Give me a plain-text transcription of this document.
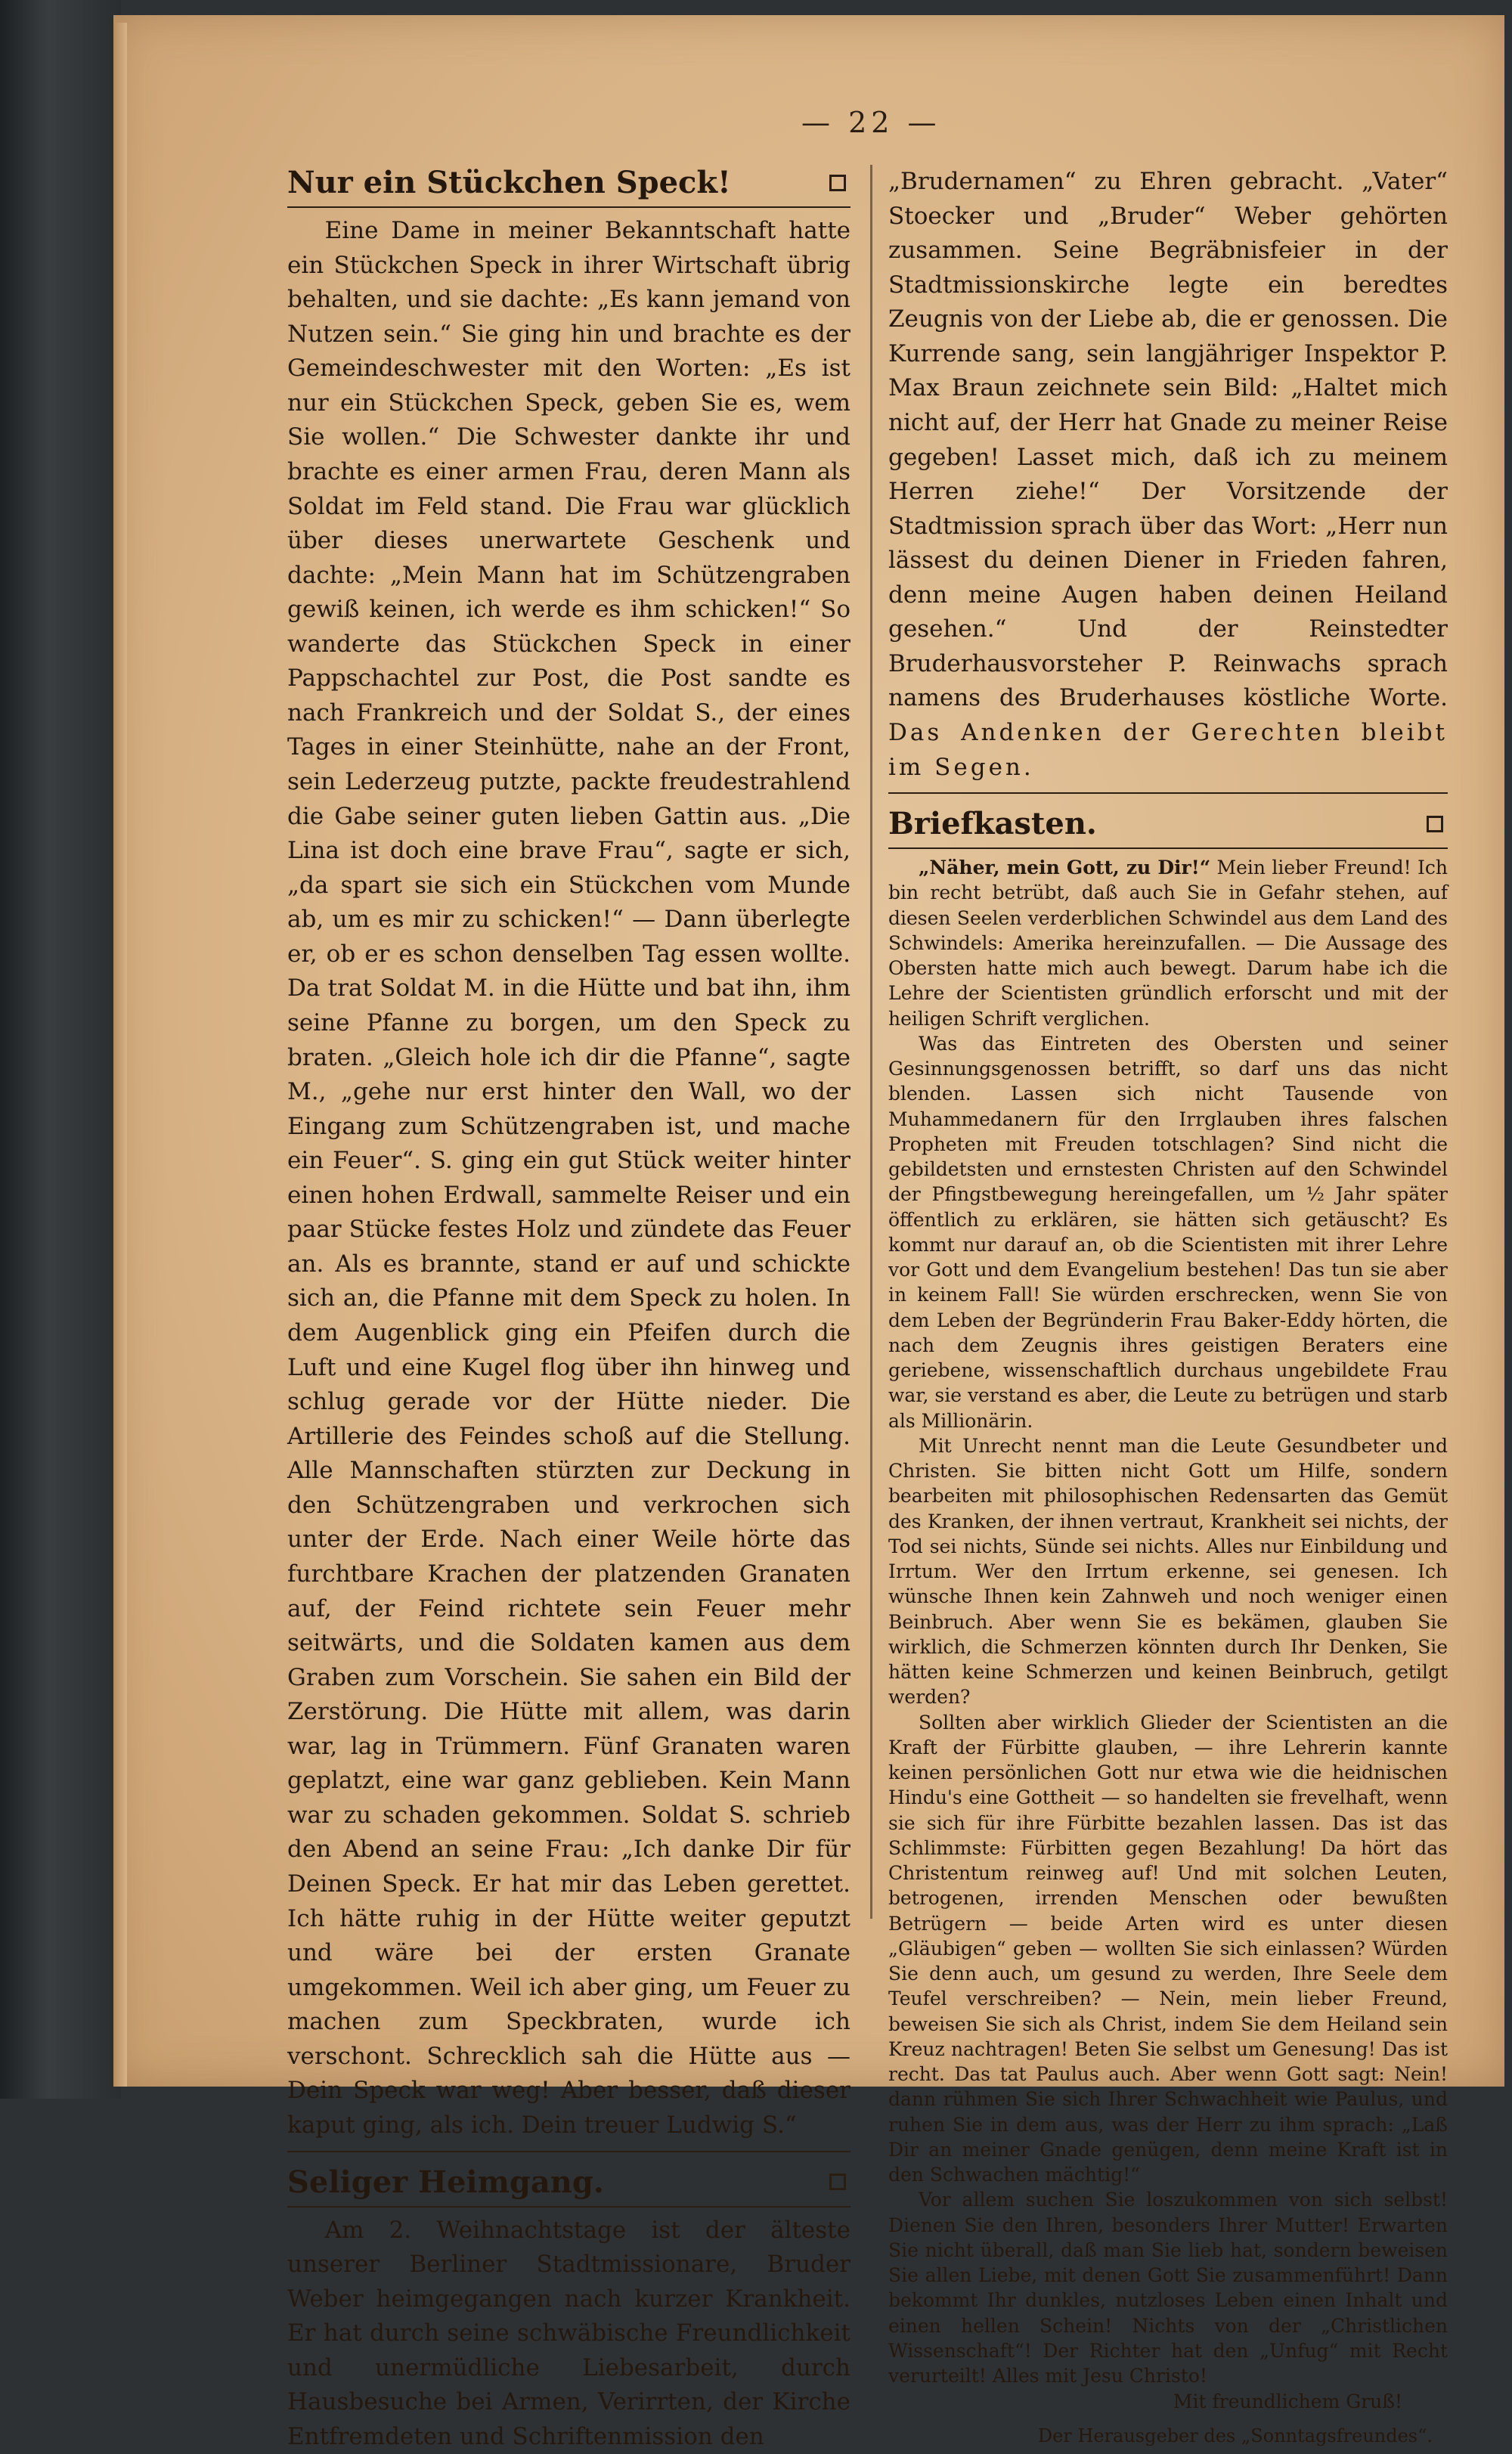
— 22 —
Nur ein Stückchen Speck!

Eine Dame in meiner Bekanntschaft hatte ein Stückchen Speck in ihrer Wirtschaft übrig behalten, und sie dachte: „Es kann jemand von Nutzen sein.“ Sie ging hin und brachte es der Gemeindeschwester mit den Worten: „Es ist nur ein Stückchen Speck, geben Sie es, wem Sie wollen.“ Die Schwester dankte ihr und brachte es einer armen Frau, deren Mann als Soldat im Feld stand. Die Frau war glücklich über dieses unerwartete Geschenk und dachte: „Mein Mann hat im Schützengraben gewiß keinen, ich werde es ihm schicken!“ So wanderte das Stückchen Speck in einer Pappschachtel zur Post, die Post sandte es nach Frankreich und der Soldat S., der eines Tages in einer Steinhütte, nahe an der Front, sein Lederzeug putzte, packte freudestrahlend die Gabe seiner guten lieben Gattin aus. „Die Lina ist doch eine brave Frau“, sagte er sich, „da spart sie sich ein Stückchen vom Munde ab, um es mir zu schicken!“ — Dann überlegte er, ob er es schon denselben Tag essen wollte. Da trat Soldat M. in die Hütte und bat ihn, ihm seine Pfanne zu borgen, um den Speck zu braten. „Gleich hole ich dir die Pfanne“, sagte M., „gehe nur erst hinter den Wall, wo der Eingang zum Schützengraben ist, und mache ein Feuer“. S. ging ein gut Stück weiter hinter einen hohen Erdwall, sammelte Reiser und ein paar Stücke festes Holz und zündete das Feuer an. Als es brannte, stand er auf und schickte sich an, die Pfanne mit dem Speck zu holen. In dem Augenblick ging ein Pfeifen durch die Luft und eine Kugel flog über ihn hinweg und schlug gerade vor der Hütte nieder. Die Artillerie des Feindes schoß auf die Stellung. Alle Mannschaften stürzten zur Deckung in den Schützengraben und verkrochen sich unter der Erde. Nach einer Weile hörte das furchtbare Krachen der platzenden Granaten auf, der Feind richtete sein Feuer mehr seitwärts, und die Soldaten kamen aus dem Graben zum Vorschein. Sie sahen ein Bild der Zerstörung. Die Hütte mit allem, was darin war, lag in Trümmern. Fünf Granaten waren geplatzt, eine war ganz geblieben. Kein Mann war zu schaden gekommen. Soldat S. schrieb den Abend an seine Frau: „Ich danke Dir für Deinen Speck. Er hat mir das Leben gerettet. Ich hätte ruhig in der Hütte weiter geputzt und wäre bei der ersten Granate umgekommen. Weil ich aber ging, um Feuer zu machen zum Speckbraten, wurde ich verschont. Schrecklich sah die Hütte aus — Dein Speck war weg! Aber besser, daß dieser kaput ging, als ich. Dein treuer Ludwig S.“

Seliger Heimgang.

Am 2. Weihnachtstage ist der älteste unserer Berliner Stadtmissionare, Bruder Weber heimgegangen nach kurzer Krankheit. Er hat durch seine schwäbische Freundlichkeit und unermüdliche Liebesarbeit, durch Hausbesuche bei Armen, Verirrten, der Kirche Entfremdeten und Schriftenmission den

„Brudernamen“ zu Ehren gebracht. „Vater“ Stoecker und „Bruder“ Weber gehörten zusammen. Seine Begräbnisfeier in der Stadtmissionskirche legte ein beredtes Zeugnis von der Liebe ab, die er genossen. Die Kurrende sang, sein langjähriger Inspektor P. Max Braun zeichnete sein Bild: „Haltet mich nicht auf, der Herr hat Gnade zu meiner Reise gegeben! Lasset mich, daß ich zu meinem Herren ziehe!“ Der Vorsitzende der Stadtmission sprach über das Wort: „Herr nun lässest du deinen Diener in Frieden fahren, denn meine Augen haben deinen Heiland gesehen.“ Und der Reinstedter Bruderhausvorsteher P. Reinwachs sprach namens des Bruderhauses köstliche Worte. Das Andenken der Gerechten bleibt im Segen.

Briefkasten.

„Näher, mein Gott, zu Dir!“ Mein lieber Freund! Ich bin recht betrübt, daß auch Sie in Gefahr stehen, auf diesen Seelen verderblichen Schwindel aus dem Land des Schwindels: Amerika hereinzufallen. — Die Aussage des Obersten hatte mich auch bewegt. Darum habe ich die Lehre der Scientisten gründlich erforscht und mit der heiligen Schrift verglichen.

Was das Eintreten des Obersten und seiner Gesinnungsgenossen betrifft, so darf uns das nicht blenden. Lassen sich nicht Tausende von Muhammedanern für den Irrglauben ihres falschen Propheten mit Freuden totschlagen? Sind nicht die gebildetsten und ernstesten Christen auf den Schwindel der Pfingstbewegung hereingefallen, um ½ Jahr später öffentlich zu erklären, sie hätten sich getäuscht? Es kommt nur darauf an, ob die Scientisten mit ihrer Lehre vor Gott und dem Evangelium bestehen! Das tun sie aber in keinem Fall! Sie würden erschrecken, wenn Sie von dem Leben der Begründerin Frau Baker-Eddy hörten, die nach dem Zeugnis ihres geistigen Beraters eine geriebene, wissenschaftlich durchaus ungebildete Frau war, sie verstand es aber, die Leute zu betrügen und starb als Millionärin.

Mit Unrecht nennt man die Leute Gesundbeter und Christen. Sie bitten nicht Gott um Hilfe, sondern bearbeiten mit philosophischen Redensarten das Gemüt des Kranken, der ihnen vertraut, Krankheit sei nichts, der Tod sei nichts, Sünde sei nichts. Alles nur Einbildung und Irrtum. Wer den Irrtum erkenne, sei genesen. Ich wünsche Ihnen kein Zahnweh und noch weniger einen Beinbruch. Aber wenn Sie es bekämen, glauben Sie wirklich, die Schmerzen könnten durch Ihr Denken, Sie hätten keine Schmerzen und keinen Beinbruch, getilgt werden?

Sollten aber wirklich Glieder der Scientisten an die Kraft der Fürbitte glauben, — ihre Lehrerin kannte keinen persönlichen Gott nur etwa wie die heidnischen Hindu's eine Gottheit — so handelten sie frevelhaft, wenn sie sich für ihre Fürbitte bezahlen lassen. Das ist das Schlimmste: Fürbitten gegen Bezahlung! Da hört das Christentum reinweg auf! Und mit solchen Leuten, betrogenen, irrenden Menschen oder bewußten Betrügern — beide Arten wird es unter diesen „Gläubigen“ geben — wollten Sie sich einlassen? Würden Sie denn auch, um gesund zu werden, Ihre Seele dem Teufel verschreiben? — Nein, mein lieber Freund, beweisen Sie sich als Christ, indem Sie dem Heiland sein Kreuz nachtragen! Beten Sie selbst um Genesung! Das ist recht. Das tat Paulus auch. Aber wenn Gott sagt: Nein! dann rühmen Sie sich Ihrer Schwachheit wie Paulus, und ruhen Sie in dem aus, was der Herr zu ihm sprach: „Laß Dir an meiner Gnade genügen, denn meine Kraft ist in den Schwachen mächtig!“

Vor allem suchen Sie loszukommen von sich selbst! Dienen Sie den Ihren, besonders Ihrer Mutter! Erwarten Sie nicht überall, daß man Sie lieb hat, sondern beweisen Sie allen Liebe, mit denen Gott Sie zusammenführt! Dann bekommt Ihr dunkles, nutzloses Leben einen Inhalt und einen hellen Schein! Nichts von der „Christlichen Wissenschaft“! Der Richter hat den „Unfug“ mit Recht verurteilt! Alles mit Jesu Christo!

Mit freundlichem Gruß!
Der Herausgeber des „Sonntagsfreundes“.
